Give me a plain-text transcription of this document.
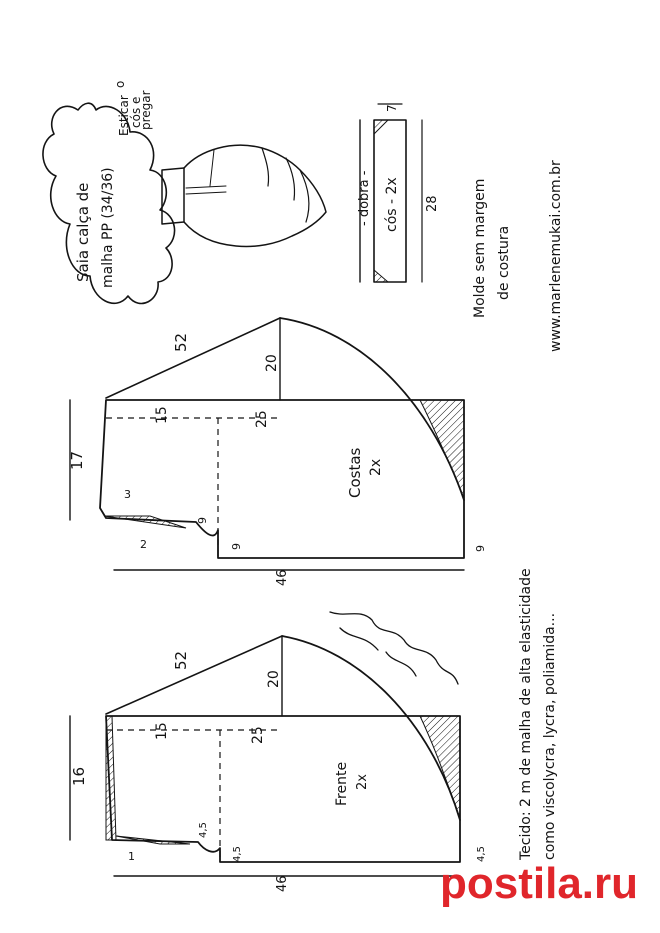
Saia calça de malha PP (34/36)
o
Esticar
cós e
pregar	7
- dobra - cós - 2x 28 Molde sem margem de costura	www.marlenemukai.com.br
52
20
15	25
17
3
2
9
9	9
46
Costas 2x
52
20
15	25
16
4,5
4,5	4,5
1
46
Frente 2x	Tecido: 2 m de malha de alta elasticidade como viscolycra, lycra, poliamida...
postila.ru
